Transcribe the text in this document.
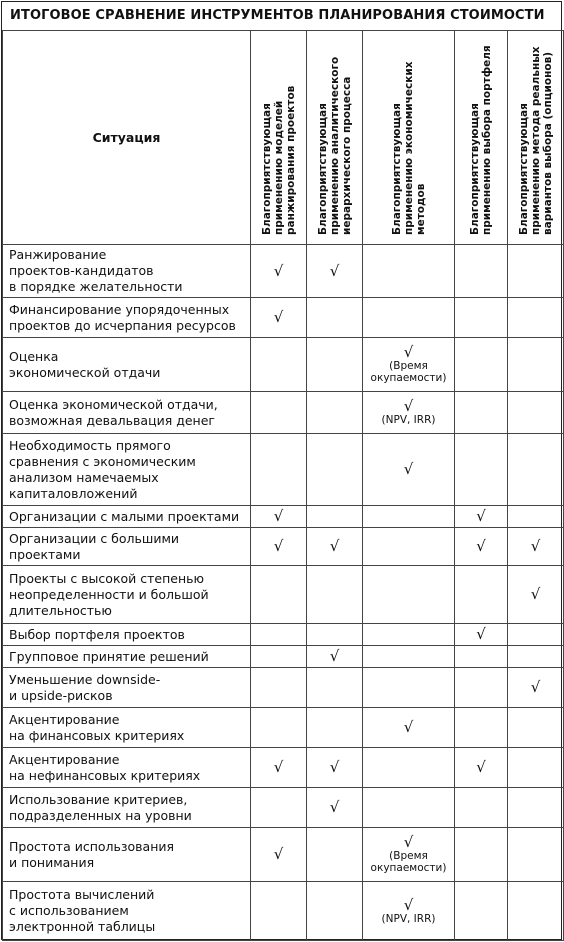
ИТОГОВОЕ СРАВНЕНИЕ ИНСТРУМЕНТОВ ПЛАНИРОВАНИЯ СТОИМОСТИ
Ситуация	Благоприятствующая
применению моделей
ранжирования проектов	Благоприятствующая
применению аналитического
иерархического процесса	Благоприятствующая
применению экономических
методов	Благоприятствующая
применению выбора портфеля	Благоприятствующая
применению метода реальных
вариантов выбора (опционов)

Ранжирование
проектов-кандидатов
в порядке желательности	√	√			

Финансирование упорядоченных
проектов до исчерпания ресурсов	√				

Оценка
экономической отдачи			√
(Время
окупаемости)		

Оценка экономической отдачи,
возможная девальвация денег			√
(NPV, IRR)		

Необходимость прямого
сравнения с экономическим
анализом намечаемых
капиталовложений			√		

Организации с малыми проектами	√			√	

Организации с большими
проектами	√	√		√	√

Проекты с высокой степенью
неопределенности и большой
длительностью					√

Выбор портфеля проектов				√	

Групповое принятие решений		√			

Уменьшение downside-
и upside-рисков					√

Акцентирование
на финансовых критериях			√		

Акцентирование
на нефинансовых критериях	√	√		√	

Использование критериев,
подразделенных на уровни		√			

Простота использования
и понимания	√		√
(Время
окупаемости)		

Простота вычислений
с использованием
электронной таблицы			√
(NPV, IRR)		
